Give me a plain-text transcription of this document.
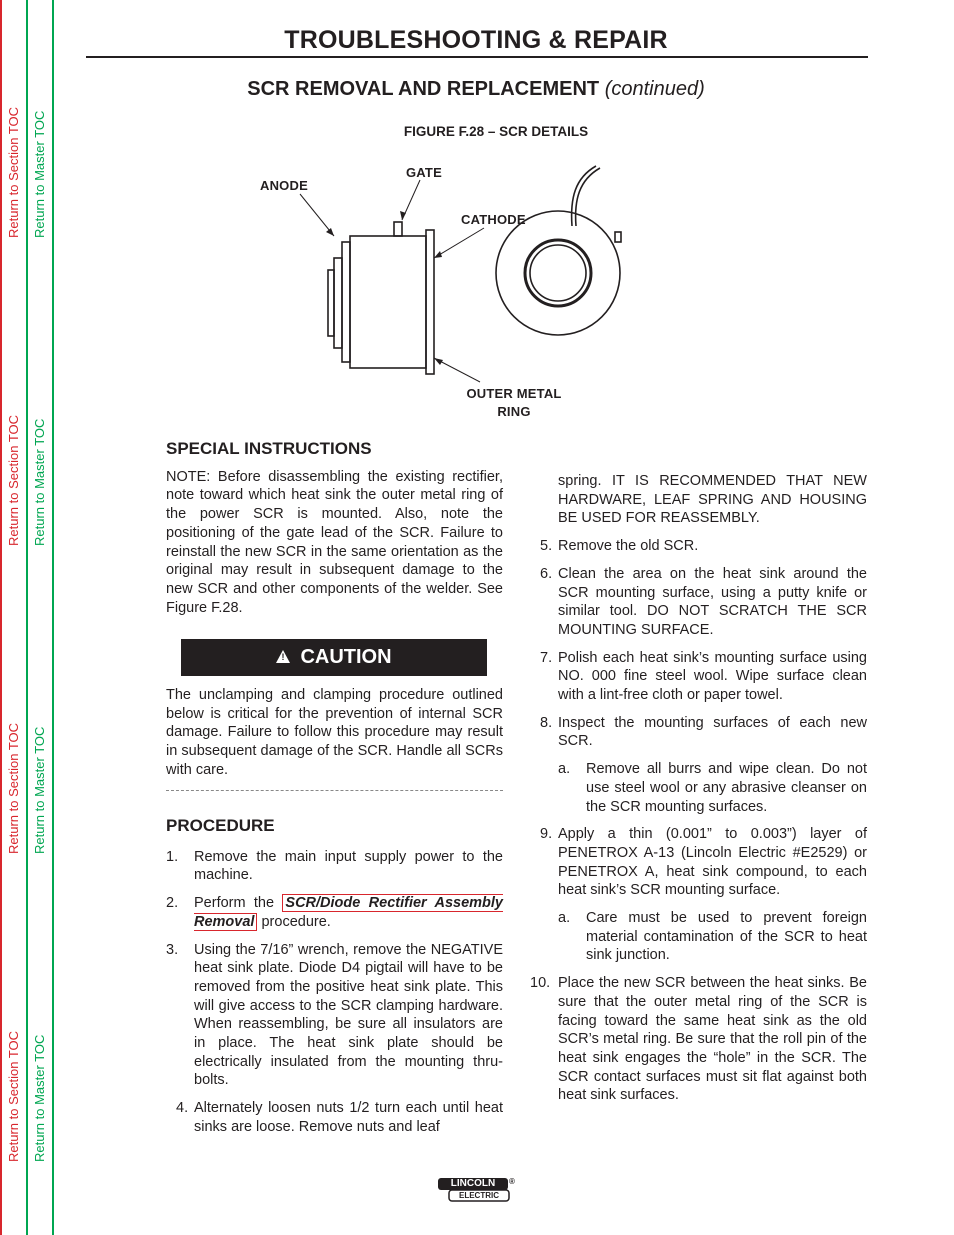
Return to Section TOC Return to Master TOC
Return to Section TOC Return to Master TOC
Return to Section TOC Return to Master TOC
Return to Section TOC Return to Master TOC
TROUBLESHOOTING & REPAIR
SCR REMOVAL AND REPLACEMENT (continued)
FIGURE F.28 – SCR DETAILS
ANODE
GATE
CATHODE
OUTER METAL
RING

SPECIAL INSTRUCTIONS

NOTE: Before disassembling the existing rectifier, note toward which heat sink the outer metal ring of the power SCR is mounted. Also, note the positioning of the gate lead of the SCR. Failure to reinstall the new SCR in the same orientation as the original may result in subsequent damage to the new SCR and other components of the welder. See Figure F.28.

! CAUTION

The unclamping and clamping procedure outlined below is critical for the prevention of internal SCR damage. Failure to follow this procedure may result in subsequent damage of the SCR. Handle all SCRs with care.

PROCEDURE

1. Remove the main input supply power to the machine.
2. Perform the SCR/Diode Rectifier Assembly Removal procedure.
3. Using the 7/16” wrench, remove the NEGATIVE heat sink plate. Diode D4 pigtail will have to be removed from the positive heat sink plate. This will give access to the SCR clamping hardware. When reassembling, be sure all insulators are in place. The heat sink plate should be electrically insulated from the mounting thru-bolts.
4. Alternately loosen nuts 1/2 turn each until heat sinks are loose. Remove nuts and leaf
spring. IT IS RECOMMENDED THAT NEW HARDWARE, LEAF SPRING AND HOUSING BE USED FOR REASSEMBLY.
5. Remove the old SCR.
6. Clean the area on the heat sink around the SCR mounting surface, using a putty knife or similar tool. DO NOT SCRATCH THE SCR MOUNTING SURFACE.
7. Polish each heat sink’s mounting surface using NO. 000 fine steel wool. Wipe surface clean with a lint-free cloth or paper towel.
8. Inspect the mounting surfaces of each new SCR.
a. Remove all burrs and wipe clean. Do not use steel wool or any abrasive cleanser on the SCR mounting surfaces.
9. Apply a thin (0.001” to 0.003”) layer of PENETROX A-13 (Lincoln Electric #E2529) or PENETROX A, heat sink compound, to each heat sink’s SCR mounting surface.
a. Care must be used to prevent foreign material contamination of the SCR to heat sink junction.
10. Place the new SCR between the heat sinks. Be sure that the outer metal ring of the SCR is facing toward the same heat sink as the old SCR’s metal ring. Be sure that the roll pin of the heat sink engages the “hole” in the SCR. The SCR contact surfaces must sit flat against both heat sink surfaces.
LINCOLN
ELECTRIC
®
